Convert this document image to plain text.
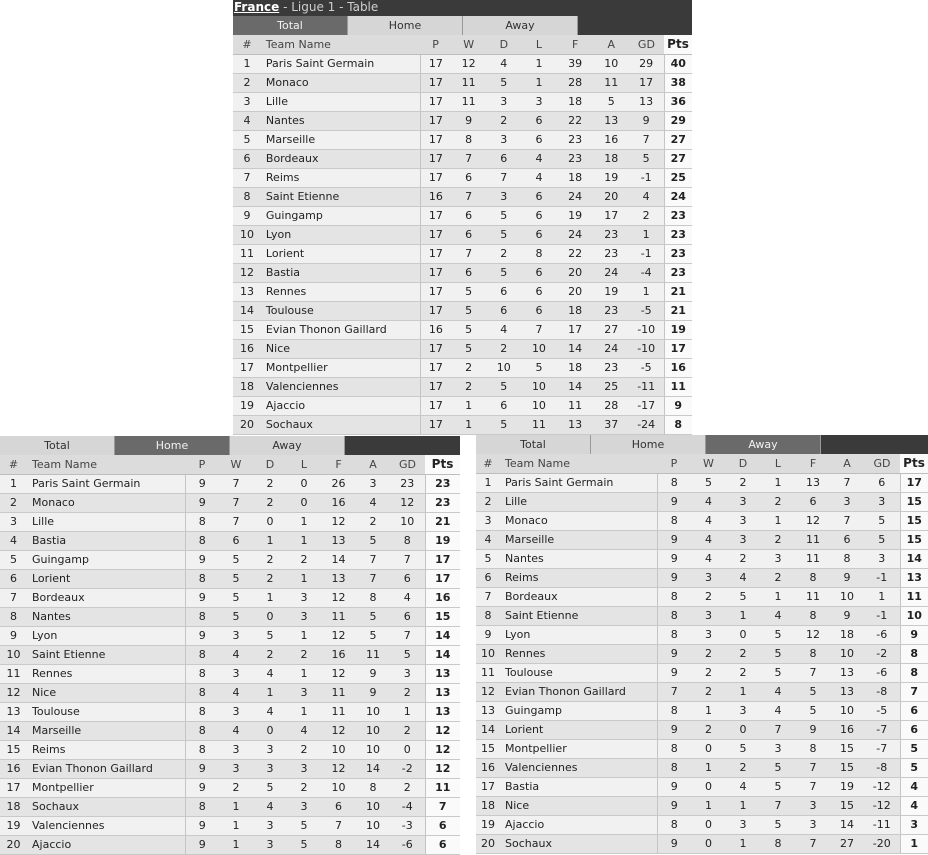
France - Ligue 1 - Table
Total	Home	Away
#	Team Name	P	W	D	L	F	A	GD	Pts
1	Paris Saint Germain	17	12	4	1	39	10	29	40
2	Monaco	17	11	5	1	28	11	17	38
3	Lille	17	11	3	3	18	5	13	36
4	Nantes	17	9	2	6	22	13	9	29
5	Marseille	17	8	3	6	23	16	7	27
6	Bordeaux	17	7	6	4	23	18	5	27
7	Reims	17	6	7	4	18	19	-1	25
8	Saint Etienne	16	7	3	6	24	20	4	24
9	Guingamp	17	6	5	6	19	17	2	23
10	Lyon	17	6	5	6	24	23	1	23
11	Lorient	17	7	2	8	22	23	-1	23
12	Bastia	17	6	5	6	20	24	-4	23
13	Rennes	17	5	6	6	20	19	1	21
14	Toulouse	17	5	6	6	18	23	-5	21
15	Evian Thonon Gaillard	16	5	4	7	17	27	-10	19
16	Nice	17	5	2	10	14	24	-10	17
17	Montpellier	17	2	10	5	18	23	-5	16
18	Valenciennes	17	2	5	10	14	25	-11	11
19	Ajaccio	17	1	6	10	11	28	-17	9
20	Sochaux	17	1	5	11	13	37	-24	8
Total	Home	Away
#	Team Name	P	W	D	L	F	A	GD	Pts
1	Paris Saint Germain	9	7	2	0	26	3	23	23
2	Monaco	9	7	2	0	16	4	12	23
3	Lille	8	7	0	1	12	2	10	21
4	Bastia	8	6	1	1	13	5	8	19
5	Guingamp	9	5	2	2	14	7	7	17
6	Lorient	8	5	2	1	13	7	6	17
7	Bordeaux	9	5	1	3	12	8	4	16
8	Nantes	8	5	0	3	11	5	6	15
9	Lyon	9	3	5	1	12	5	7	14
10	Saint Etienne	8	4	2	2	16	11	5	14
11	Rennes	8	3	4	1	12	9	3	13
12	Nice	8	4	1	3	11	9	2	13
13	Toulouse	8	3	4	1	11	10	1	13
14	Marseille	8	4	0	4	12	10	2	12
15	Reims	8	3	3	2	10	10	0	12
16	Evian Thonon Gaillard	9	3	3	3	12	14	-2	12
17	Montpellier	9	2	5	2	10	8	2	11
18	Sochaux	8	1	4	3	6	10	-4	7
19	Valenciennes	9	1	3	5	7	10	-3	6
20	Ajaccio	9	1	3	5	8	14	-6	6
Total	Home	Away
#	Team Name	P	W	D	L	F	A	GD	Pts
1	Paris Saint Germain	8	5	2	1	13	7	6	17
2	Lille	9	4	3	2	6	3	3	15
3	Monaco	8	4	3	1	12	7	5	15
4	Marseille	9	4	3	2	11	6	5	15
5	Nantes	9	4	2	3	11	8	3	14
6	Reims	9	3	4	2	8	9	-1	13
7	Bordeaux	8	2	5	1	11	10	1	11
8	Saint Etienne	8	3	1	4	8	9	-1	10
9	Lyon	8	3	0	5	12	18	-6	9
10	Rennes	9	2	2	5	8	10	-2	8
11	Toulouse	9	2	2	5	7	13	-6	8
12	Evian Thonon Gaillard	7	2	1	4	5	13	-8	7
13	Guingamp	8	1	3	4	5	10	-5	6
14	Lorient	9	2	0	7	9	16	-7	6
15	Montpellier	8	0	5	3	8	15	-7	5
16	Valenciennes	8	1	2	5	7	15	-8	5
17	Bastia	9	0	4	5	7	19	-12	4
18	Nice	9	1	1	7	3	15	-12	4
19	Ajaccio	8	0	3	5	3	14	-11	3
20	Sochaux	9	0	1	8	7	27	-20	1
